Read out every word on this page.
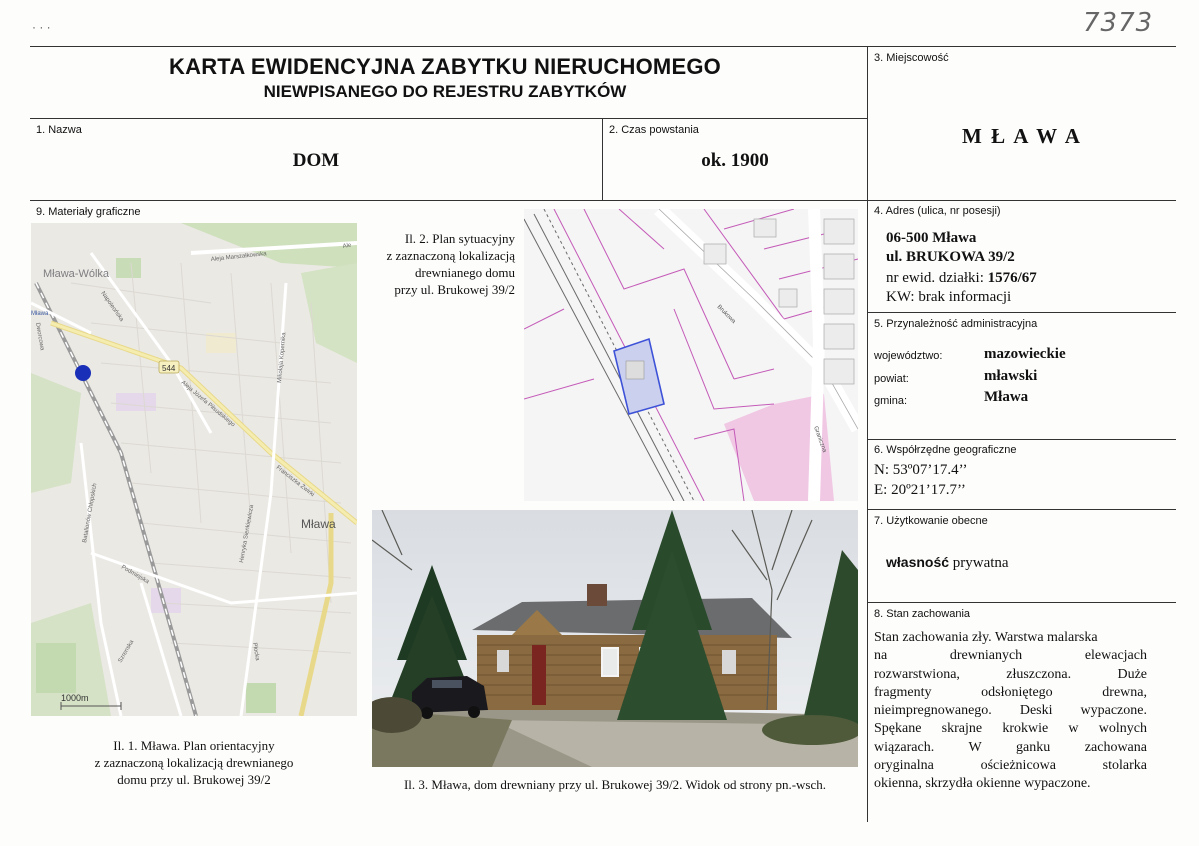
7373
· · ·
KARTA EWIDENCYJNA ZABYTKU NIERUCHOMEGO
NIEWPISANEGO DO REJESTRU ZABYTKÓW
1. Nazwa
DOM
2. Czas powstania
ok. 1900
3. Miejscowość
M Ł A W A
4. Adres (ulica, nr posesji)
06-500 Mława
ul. BRUKOWA 39/2
nr ewid. działki: 1576/67
KW: brak informacji
5. Przynależność administracyjna
województwo:	mazowieckie
powiat:	mławski
gmina:	Mława
6. Współrzędne geograficzne
N: 53º07’17.4’’
E: 20º21’17.7’’
7. Użytkowanie obecne
własność prywatna
8. Stan zachowania
Stan zachowania zły. Warstwa malarska
na drewnianych elewacjach
rozwarstwiona, złuszczona. Duże
fragmenty odsłoniętego drewna,
nieimpregnowanego. Deski wypaczone.
Spękane skrajne krokwie w wolnych
wiązarach. W ganku zachowana
oryginalna ościeżnicowa stolarka
okienna, skrzydła okienne wypaczone.
9. Materiały graficzne
544
Mława-Wólka
Mława
1000m
Aleja Marszałkowska
Ale
Aleja Józefa Piłsudskiego
Napoleońska
Mikołaja Kopernika
Franciszka Żwirki
Henryka Sienkiewicza
Podmiejska
Szrenska
Dworcowa
Batalionów Chłopskich
Płocka
Mława
Il. 2. Plan sytuacyjny
z zaznaczoną lokalizacją
drewnianego domu
przy ul. Brukowej 39/2
Brukowa
Graniczna
Il. 1. Mława. Plan orientacyjny
z zaznaczoną lokalizacją drewnianego
domu przy ul. Brukowej 39/2	Il. 3. Mława, dom drewniany przy ul. Brukowej 39/2. Widok od strony pn.-wsch.
